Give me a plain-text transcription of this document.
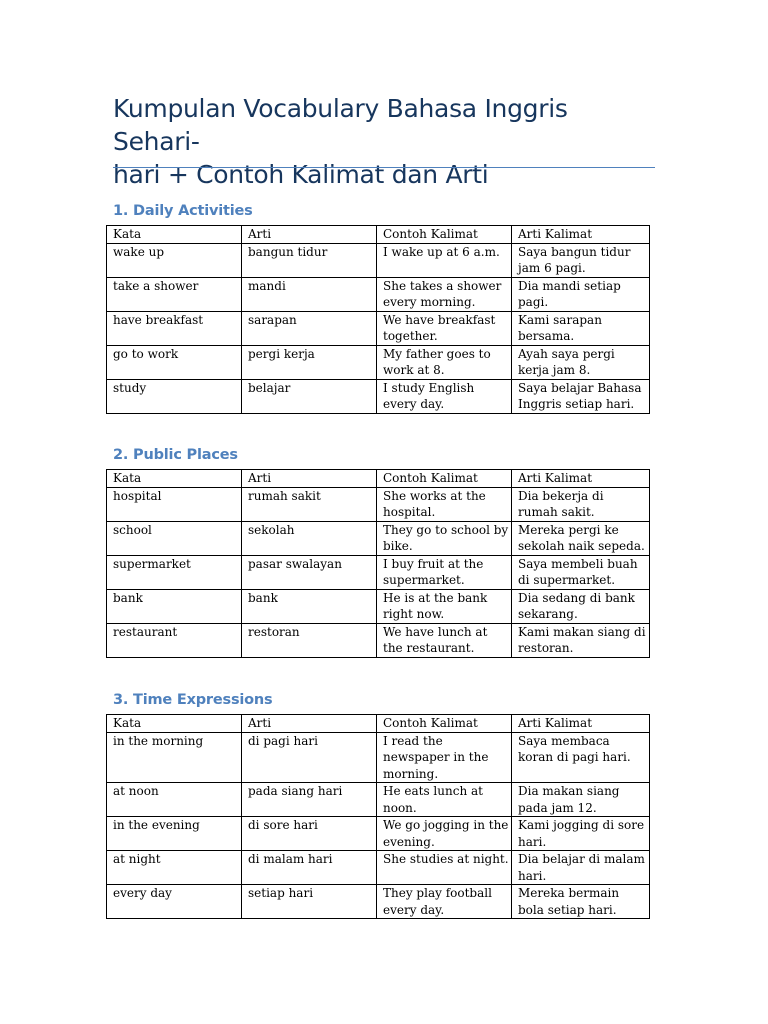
Kumpulan Vocabulary Bahasa Inggris Sehari-
hari + Contoh Kalimat dan Arti
1. Daily Activities
Kata	Arti	Contoh Kalimat	Arti Kalimat
wake up	bangun tidur	I wake up at 6 a.m.	Saya bangun tidur jam 6 pagi.
take a shower	mandi	She takes a shower every morning.	Dia mandi setiap pagi.
have breakfast	sarapan	We have breakfast together.	Kami sarapan bersama.
go to work	pergi kerja	My father goes to work at 8.	Ayah saya pergi kerja jam 8.
study	belajar	I study English every day.	Saya belajar Bahasa Inggris setiap hari.
2. Public Places
Kata	Arti	Contoh Kalimat	Arti Kalimat
hospital	rumah sakit	She works at the hospital.	Dia bekerja di rumah sakit.
school	sekolah	They go to school by bike.	Mereka pergi ke sekolah naik sepeda.
supermarket	pasar swalayan	I buy fruit at the supermarket.	Saya membeli buah di supermarket.
bank	bank	He is at the bank right now.	Dia sedang di bank sekarang.
restaurant	restoran	We have lunch at the restaurant.	Kami makan siang di restoran.
3. Time Expressions
Kata	Arti	Contoh Kalimat	Arti Kalimat
in the morning	di pagi hari	I read the newspaper in the morning.	Saya membaca koran di pagi hari.
at noon	pada siang hari	He eats lunch at noon.	Dia makan siang pada jam 12.
in the evening	di sore hari	We go jogging in the evening.	Kami jogging di sore hari.
at night	di malam hari	She studies at night.	Dia belajar di malam hari.
every day	setiap hari	They play football every day.	Mereka bermain bola setiap hari.
